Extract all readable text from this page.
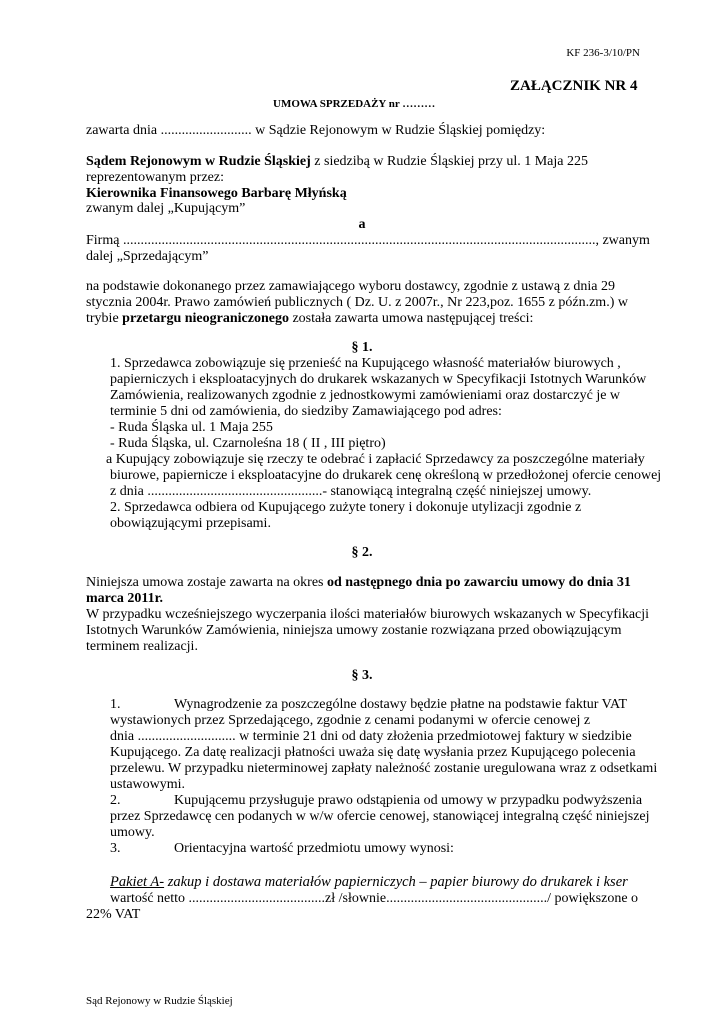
KF 236-3/10/PN
ZAŁĄCZNIK NR 4
UMOWA SPRZEDAŻY nr ………
zawarta dnia .......................... w Sądzie Rejonowym w Rudzie Śląskiej pomiędzy:
Sądem Rejonowym w Rudzie Śląskiej z siedzibą w Rudzie Śląskiej przy ul. 1 Maja 225
reprezentowanym przez:
Kierownika Finansowego Barbarę Młyńską
zwanym dalej „Kupującym”
a
Firmą ......................................................................................................................................., zwanym
dalej „Sprzedającym”
na podstawie dokonanego przez zamawiającego wyboru dostawcy, zgodnie z ustawą z dnia 29
stycznia 2004r. Prawo zamówień publicznych ( Dz. U. z 2007r., Nr 223,poz. 1655 z późn.zm.) w
trybie przetargu nieograniczonego została zawarta umowa następującej treści:
§ 1.
1. Sprzedawca zobowiązuje się przenieść na Kupującego własność materiałów biurowych ,
papierniczych i eksploatacyjnych do drukarek wskazanych w Specyfikacji Istotnych Warunków
Zamówienia, realizowanych zgodnie z jednostkowymi zamówieniami oraz dostarczyć je w
terminie 5 dni od zamówienia, do siedziby Zamawiającego pod adres:
- Ruda Śląska ul. 1 Maja 255
- Ruda Śląska, ul. Czarnoleśna 18 ( II , III piętro)
a Kupujący zobowiązuje się rzeczy te odebrać i zapłacić Sprzedawcy za poszczególne materiały
biurowe, papiernicze i eksploatacyjne do drukarek cenę określoną w przedłożonej ofercie cenowej
z dnia ..................................................- stanowiącą integralną część niniejszej umowy.
2. Sprzedawca odbiera od Kupującego zużyte tonery i dokonuje utylizacji zgodnie z
obowiązującymi przepisami.
§ 2.
Niniejsza umowa zostaje zawarta na okres od następnego dnia po zawarciu umowy do dnia 31
marca 2011r.
W przypadku wcześniejszego wyczerpania ilości materiałów biurowych wskazanych w Specyfikacji
Istotnych Warunków Zamówienia, niniejsza umowy zostanie rozwiązana przed obowiązującym
terminem realizacji.
§ 3.
1.	Wynagrodzenie za poszczególne dostawy będzie płatne na podstawie faktur VAT
wystawionych przez Sprzedającego, zgodnie z cenami podanymi w ofercie cenowej z
dnia ............................ w terminie 21 dni od daty złożenia przedmiotowej faktury w siedzibie
Kupującego. Za datę realizacji płatności uważa się datę wysłania przez Kupującego polecenia
przelewu. W przypadku nieterminowej zapłaty należność zostanie uregulowana wraz z odsetkami
ustawowymi.
2.	Kupującemu przysługuje prawo odstąpienia od umowy w przypadku podwyższenia
przez Sprzedawcę cen podanych w w/w ofercie cenowej, stanowiącej integralną część niniejszej
umowy.
3.	Orientacyjna wartość przedmiotu umowy wynosi:
Pakiet A- zakup i dostawa materiałów papierniczych – papier biurowy do drukarek i kser
wartość netto .......................................zł /słownie............................................../ powiększone o
22% VAT
Sąd Rejonowy w Rudzie Śląskiej
